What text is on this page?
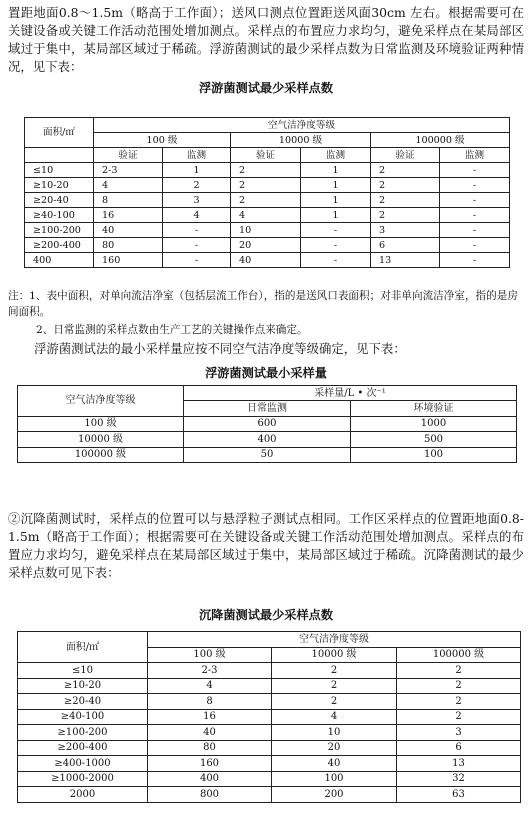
置距地面0.8～1.5m（略高于工作面）；送风口测点位置距送风面30cm 左右。根据需要可在关键设备或关键工作活动范围处增加测点。采样点的布置应力求均匀，避免采样点在某局部区域过于集中，某局部区域过于稀疏。浮游菌测试的最少采样点数为日常监测及环境验证两种情况，见下表：

浮游菌测试最少采样点数
面积/㎡	空气洁净度等级					
	100 级		10000 级		100000 级	
	验证	监测	验证	监测	验证	监测
≤10	2-3	1	2	1	2	-
≥10-20	4	2	2	1	2	-
≥20-40	8	3	2	1	2	-
≥40-100	16	4	4	1	2	-
≥100-200	40	-	10	-	3	-
≥200-400	80	-	20	-	6	-
400	160	-	40	-	13	-

注：1、表中面积，对单向流洁净室（包括层流工作台），指的是送风口表面积；对非单向流洁净室，指的是房间面积。

2、日常监测的采样点数由生产工艺的关键操作点来确定。

浮游菌测试法的最小采样量应按不同空气洁净度等级确定，见下表：

浮游菌测试最小采样量
空气洁净度等级	采样量/L • 次⁻¹	
	日常监测	环境验证
100 级	600	1000
10000 级	400	500
100000 级	50	100

②沉降菌测试时，采样点的位置可以与悬浮粒子测试点相同。工作区采样点的位置距地面0.8-1.5m（略高于工作面）；根据需要可在关键设备或关键工作活动范围处增加测点。采样点的布置应力求均匀，避免采样点在某局部区域过于集中，某局部区域过于稀疏。沉降菌测试的最少采样点数可见下表：

沉降菌测试最少采样点数
面积/㎡	空气洁净度等级		
	100 级	10000 级	100000 级
≤10	2-3	2	2
≥10-20	4	2	2
≥20-40	8	2	2
≥40-100	16	4	2
≥100-200	40	10	3
≥200-400	80	20	6
≥400-1000	160	40	13
≥1000-2000	400	100	32
2000	800	200	63
